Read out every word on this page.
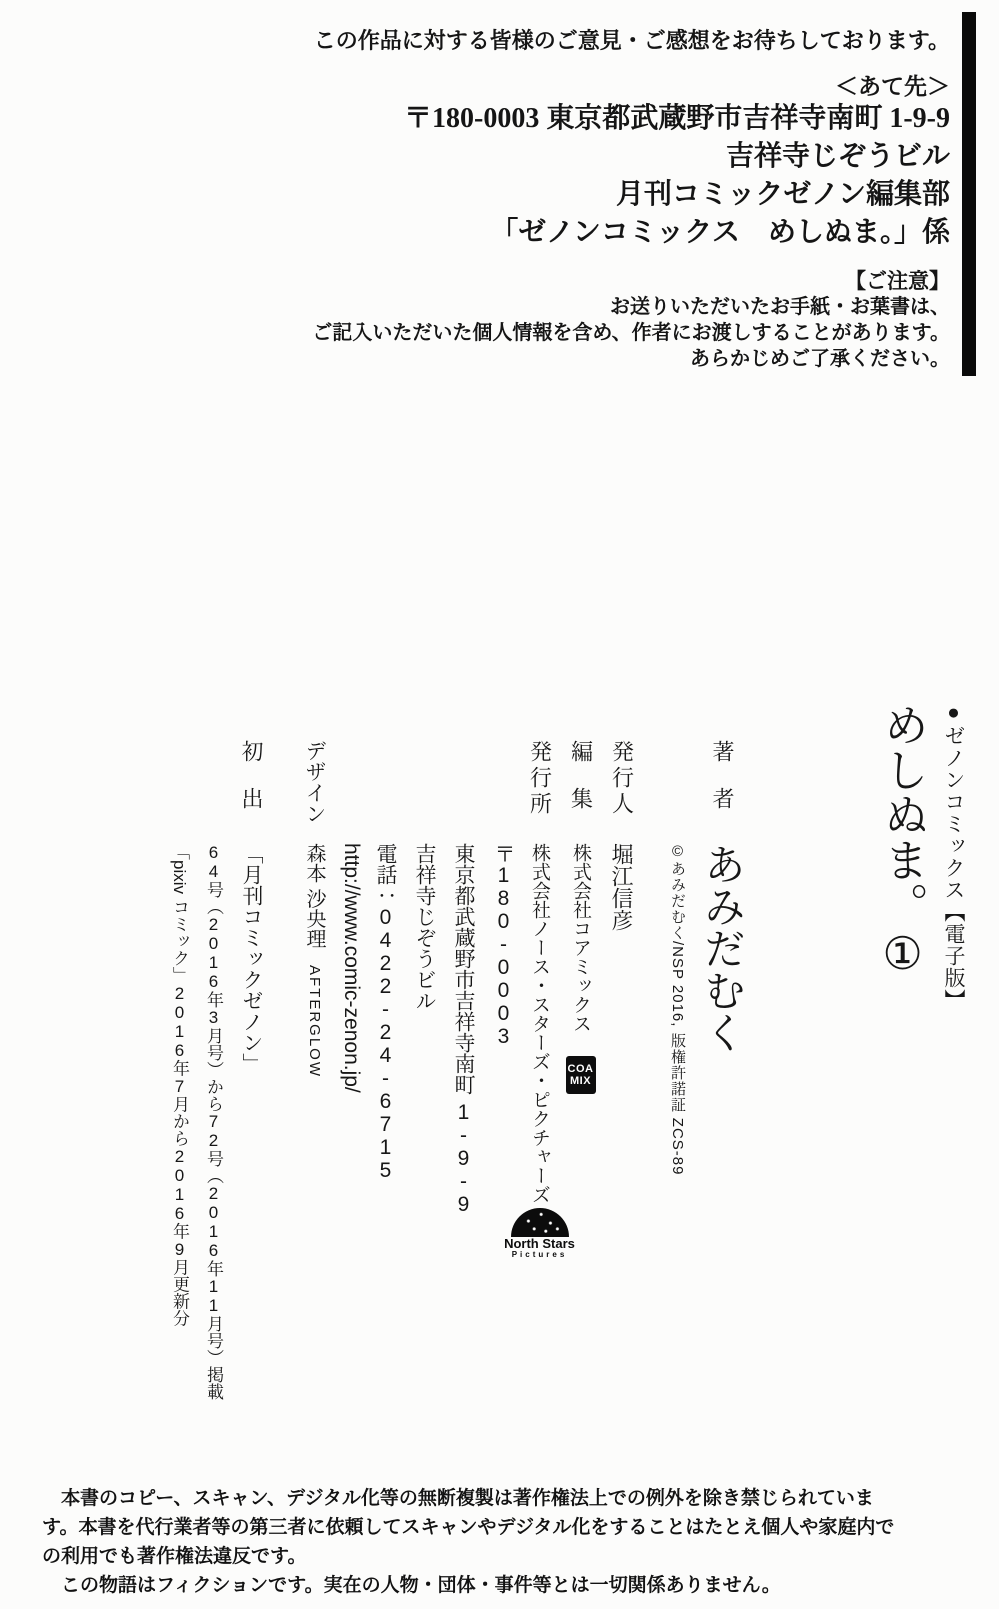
この作品に対する皆様のご意見・ご感想をお待ちしております。
＜あて先＞
〒180-0003 東京都武蔵野市吉祥寺南町 1-9-9
吉祥寺じぞうビル
月刊コミックゼノン編集部
「ゼノンコミックス　めしぬま。」係
【ご注意】
お送りいただいたお手紙・お葉書は、
ご記入いただいた個人情報を含め、作者にお渡しすることがあります。
あらかじめご了承ください。
●ゼノンコミックス【電子版】
めしぬま。①
著者
あみだむく
©あみだむく/NSP 2016, 版権許諾証 ZCS-89
発行人
堀江信彦
編集
株式会社コアミックス
COA
MIX
発行所
株式会社ノース・スターズ・ピクチャーズ
North Stars
Pictures
〒180-0003
東京都武蔵野市吉祥寺南町 1-9-9
吉祥寺じぞうビル
電話：0422-24-6715
http://www.comic-zenon.jp/
デザイン
森本 沙央理AFTERGLOW
初出
「月刊コミックゼノン」
64号（2016年3月号）から72号（2016年11月号）掲載
「pixiv コミック」2016年7月から2016年9月更新分

本書のコピー、スキャン、デジタル化等の無断複製は著作権法上での例外を除き禁じられています。本書を代行業者等の第三者に依頼してスキャンやデジタル化をすることはたとえ個人や家庭内での利用でも著作権法違反です。

この物語はフィクションです。実在の人物・団体・事件等とは一切関係ありません。
